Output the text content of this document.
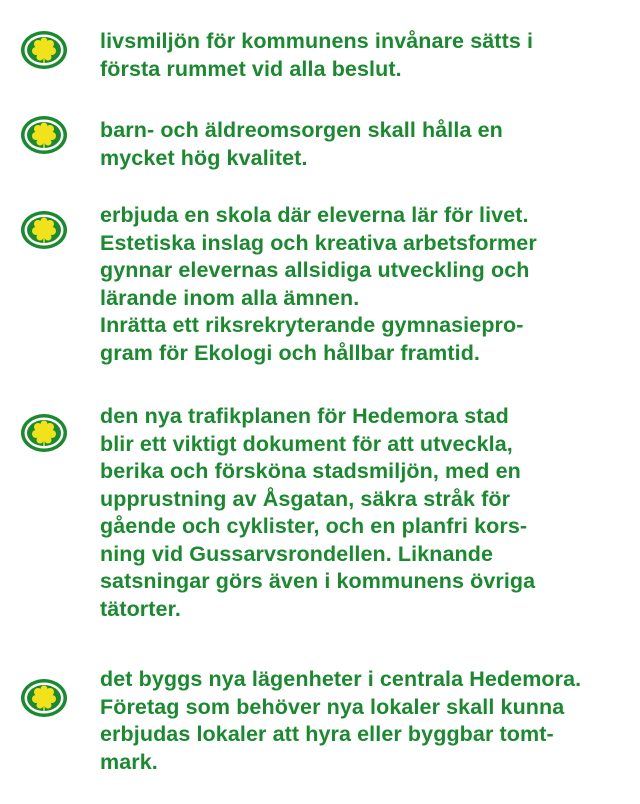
livsmiljön för kommunens invånare sätts i
första rummet vid alla beslut.
barn- och äldreomsorgen skall hålla en
mycket hög kvalitet.
erbjuda en skola där eleverna lär för livet.
Estetiska inslag och kreativa arbetsformer
gynnar elevernas allsidiga utveckling och
lärande inom alla ämnen.
Inrätta ett riksrekryterande gymnasiepro-
gram för Ekologi och hållbar framtid.
den nya trafikplanen för Hedemora stad
blir ett viktigt dokument för att utveckla,
berika och försköna stadsmiljön, med en
upprustning av Åsgatan, säkra stråk för
gående och cyklister, och en planfri kors-
ning vid Gussarvsrondellen. Liknande
satsningar görs även i kommunens övriga
tätorter.
det byggs nya lägenheter i centrala Hedemora.
Företag som behöver nya lokaler skall kunna
erbjudas lokaler att hyra eller byggbar tomt-
mark.
